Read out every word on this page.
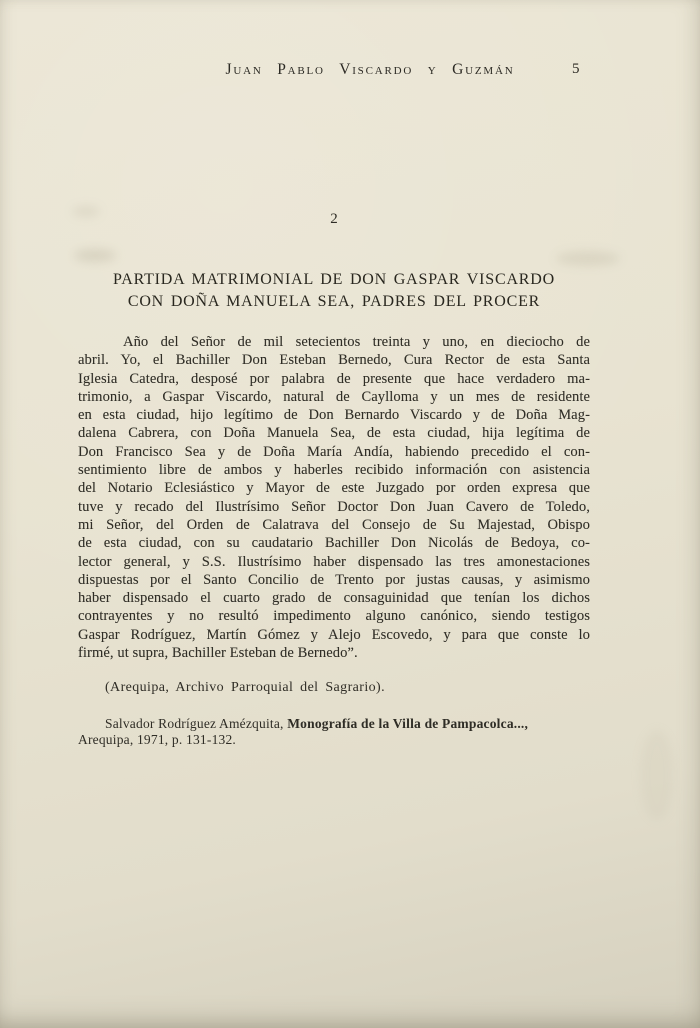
Juan Pablo Viscardo y Guzmán	5
2
PARTIDA MATRIMONIAL DE DON GASPAR VISCARDO
CON DOÑA MANUELA SEA, PADRES DEL PROCER
Año del Señor de mil setecientos treinta y uno, en dieciocho de
abril. Yo, el Bachiller Don Esteban Bernedo, Cura Rector de esta Santa
Iglesia Catedra, desposé por palabra de presente que hace verdadero ma-
trimonio, a Gaspar Viscardo, natural de Caylloma y un mes de residente
en esta ciudad, hijo legítimo de Don Bernardo Viscardo y de Doña Mag-
dalena Cabrera, con Doña Manuela Sea, de esta ciudad, hija legítima de
Don Francisco Sea y de Doña María Andía, habiendo precedido el con-
sentimiento libre de ambos y haberles recibido información con asistencia
del Notario Eclesiástico y Mayor de este Juzgado por orden expresa que
tuve y recado del Ilustrísimo Señor Doctor Don Juan Cavero de Toledo,
mi Señor, del Orden de Calatrava del Consejo de Su Majestad, Obispo
de esta ciudad, con su caudatario Bachiller Don Nicolás de Bedoya, co-
lector general, y S.S. Ilustrísimo haber dispensado las tres amonestaciones
dispuestas por el Santo Concilio de Trento por justas causas, y asimismo
haber dispensado el cuarto grado de consaguinidad que tenían los dichos
contrayentes y no resultó impedimento alguno canónico, siendo testigos
Gaspar Rodríguez, Martín Gómez y Alejo Escovedo, y para que conste lo
firmé, ut supra, Bachiller Esteban de Bernedo”.
(Arequipa, Archivo Parroquial del Sagrario).
Salvador Rodríguez Amézquita, Monografía de la Villa de Pampacolca...,
Arequipa, 1971, p. 131-132.
